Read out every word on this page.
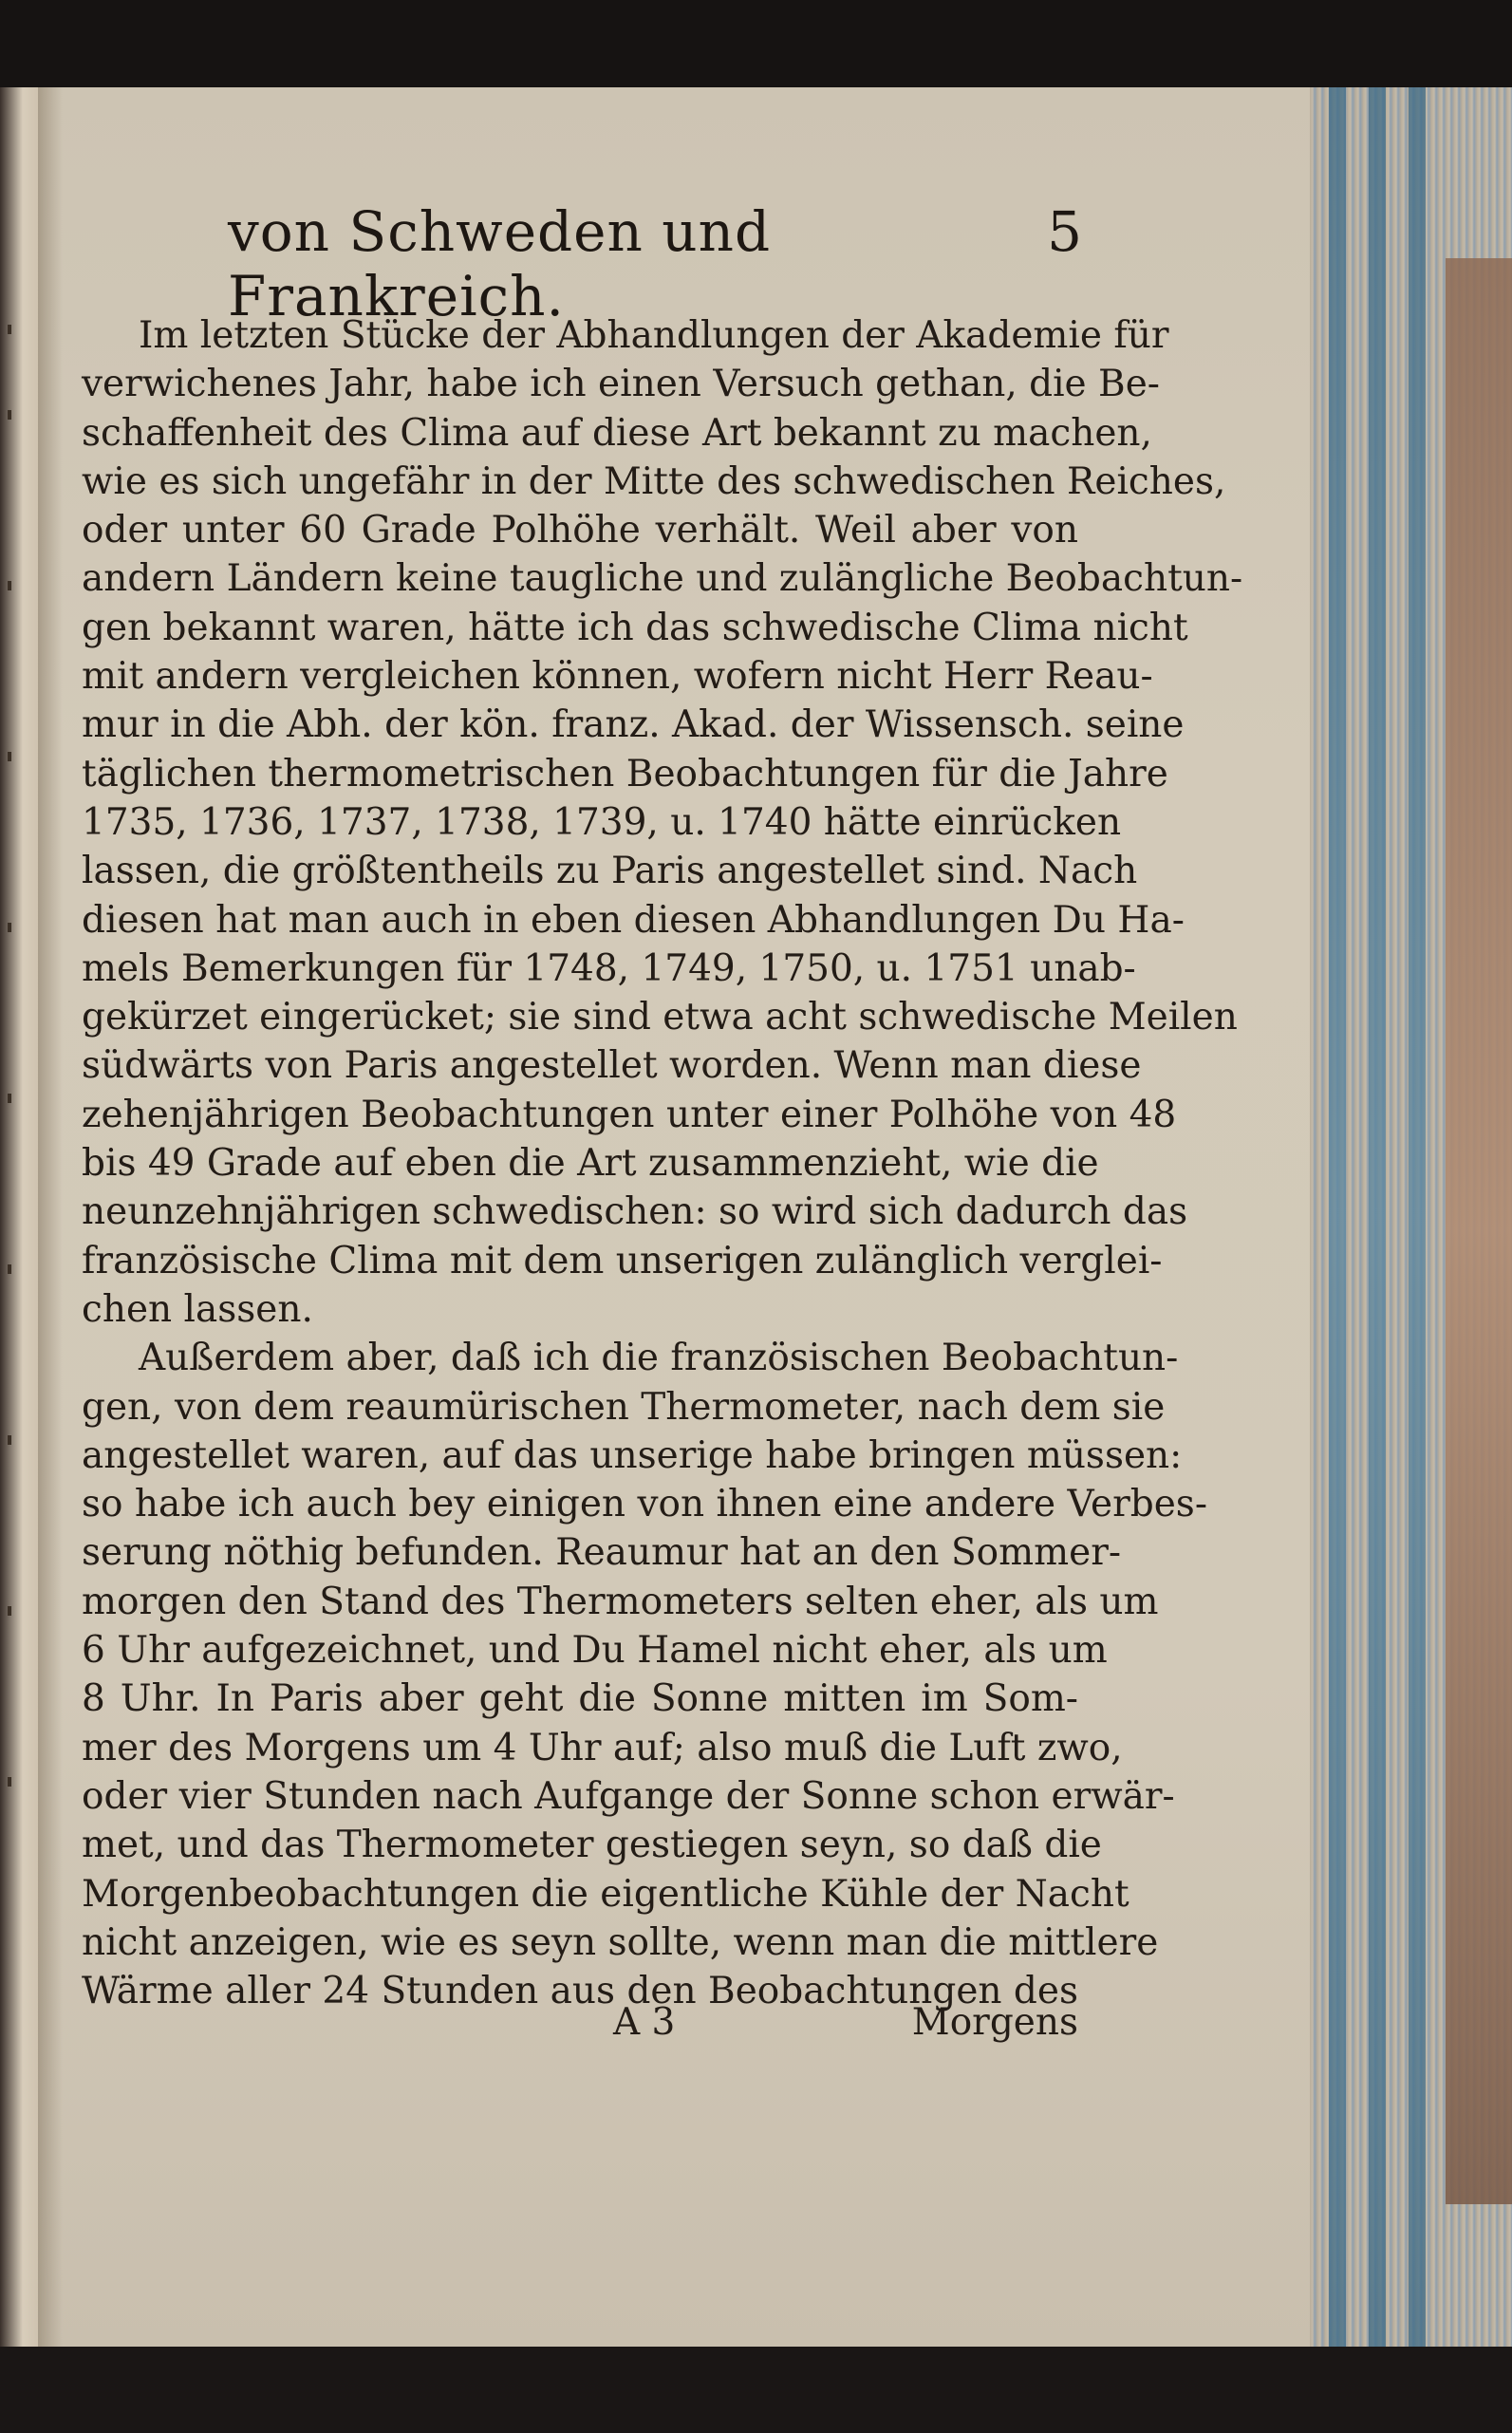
von Schweden und Frankreich.
5
Im letzten Stücke der Abhandlungen der Akademie für
verwichenes Jahr, habe ich einen Versuch gethan, die Be-
schaffenheit des Clima auf diese Art bekannt zu machen,
wie es sich ungefähr in der Mitte des schwedischen Reiches,
oder unter 60 Grade Polhöhe verhält. Weil aber von
andern Ländern keine taugliche und zulängliche Beobachtun-
gen bekannt waren, hätte ich das schwedische Clima nicht
mit andern vergleichen können, wofern nicht Herr Reau-
mur in die Abh. der kön. franz. Akad. der Wissensch. seine
täglichen thermometrischen Beobachtungen für die Jahre
1735, 1736, 1737, 1738, 1739, u. 1740 hätte einrücken
lassen, die größtentheils zu Paris angestellet sind. Nach
diesen hat man auch in eben diesen Abhandlungen Du Ha-
mels Bemerkungen für 1748, 1749, 1750, u. 1751 unab-
gekürzet eingerücket; sie sind etwa acht schwedische Meilen
südwärts von Paris angestellet worden. Wenn man diese
zehenjährigen Beobachtungen unter einer Polhöhe von 48
bis 49 Grade auf eben die Art zusammenzieht, wie die
neunzehnjährigen schwedischen: so wird sich dadurch das
französische Clima mit dem unserigen zulänglich verglei-
chen lassen.
Außerdem aber, daß ich die französischen Beobachtun-
gen, von dem reaumürischen Thermometer, nach dem sie
angestellet waren, auf das unserige habe bringen müssen:
so habe ich auch bey einigen von ihnen eine andere Verbes-
serung nöthig befunden. Reaumur hat an den Sommer-
morgen den Stand des Thermometers selten eher, als um
6 Uhr aufgezeichnet, und Du Hamel nicht eher, als um
8 Uhr. In Paris aber geht die Sonne mitten im Som-
mer des Morgens um 4 Uhr auf; also muß die Luft zwo,
oder vier Stunden nach Aufgange der Sonne schon erwär-
met, und das Thermometer gestiegen seyn, so daß die
Morgenbeobachtungen die eigentliche Kühle der Nacht
nicht anzeigen, wie es seyn sollte, wenn man die mittlere
Wärme aller 24 Stunden aus den Beobachtungen des
A 3	Morgens
